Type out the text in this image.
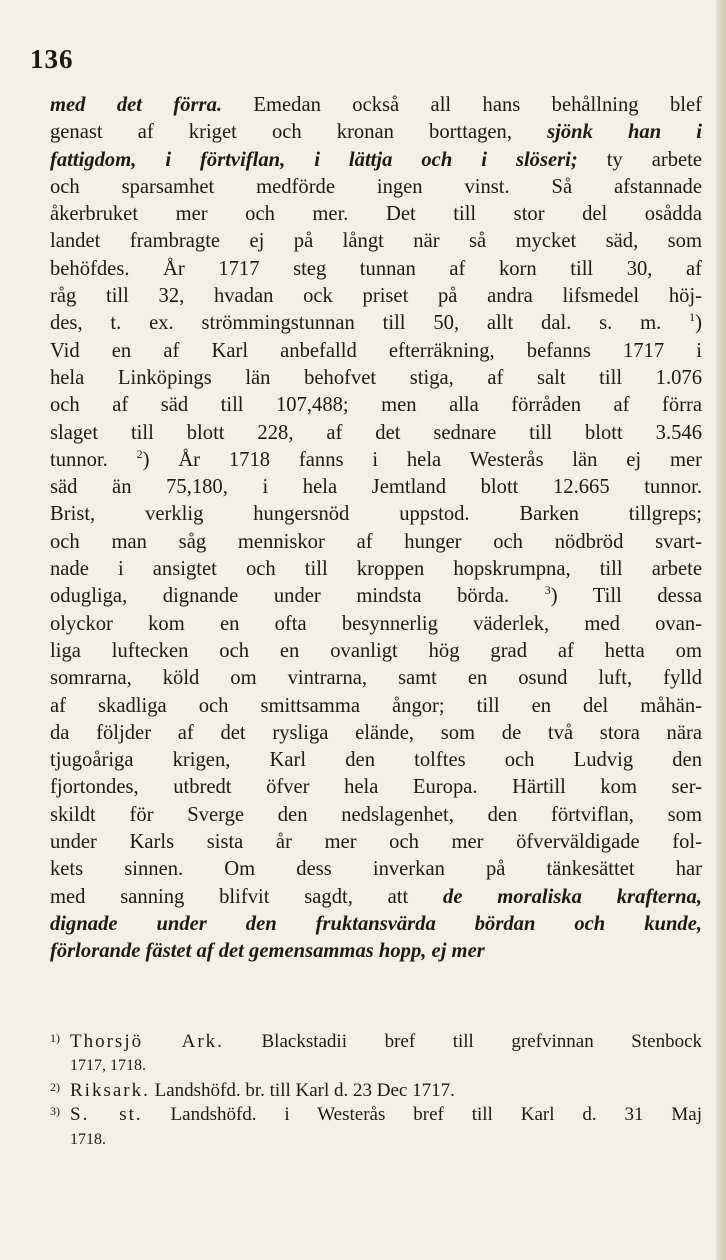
136
med det förra. Emedan också all hans behållning blef
genast af kriget och kronan borttagen, sjönk han i
fattigdom, i förtviflan, i lättja och i slöseri; ty arbete
och sparsamhet medförde ingen vinst. Så afstannade
åkerbruket mer och mer. Det till stor del osådda
landet frambragte ej på långt när så mycket säd, som
behöfdes. År 1717 steg tunnan af korn till 30, af
råg till 32, hvadan ock priset på andra lifsmedel höj-
des, t. ex. strömmingstunnan till 50, allt dal. s. m. $^1$)
Vid en af Karl anbefalld efterräkning, befanns 1717 i
hela Linköpings län behofvet stiga, af salt till 1.076
och af säd till 107,488; men alla förråden af förra
slaget till blott 228, af det sednare till blott 3.546
tunnor. $^2$) År 1718 fanns i hela Westerås län ej mer
säd än 75,180, i hela Jemtland blott 12.665 tunnor.
Brist, verklig hungersnöd uppstod. Barken tillgreps;
och man såg menniskor af hunger och nödbröd svart-
nade i ansigtet och till kroppen hopskrumpna, till arbete
odugliga, dignande under mindsta börda. $^3$) Till dessa
olyckor kom en ofta besynnerlig väderlek, med ovan-
liga luftecken och en ovanligt hög grad af hetta om
somrarna, köld om vintrarna, samt en osund luft, fylld
af skadliga och smittsamma ångor; till en del måhän-
da följder af det rysliga elände, som de två stora nära
tjugoåriga krigen, Karl den tolftes och Ludvig den
fjortondes, utbredt öfver hela Europa. Härtill kom ser-
skildt för Sverge den nedslagenhet, den förtviflan, som
under Karls sista år mer och mer öfverväldigade fol-
kets sinnen. Om dess inverkan på tänkesättet har
med sanning blifvit sagdt, att de moraliska krafterna,
dignade under den fruktansvärda bördan och kunde,
förlorande fästet af det gemensammas hopp, ej mer
1) Thorsjö Ark. Blackstadii bref till grefvinnan Stenbock
1717, 1718.
2) Riksark. Landshöfd. br. till Karl d. 23 Dec 1717.
3) S. st. Landshöfd. i Westerås bref till Karl d. 31 Maj
1718.
